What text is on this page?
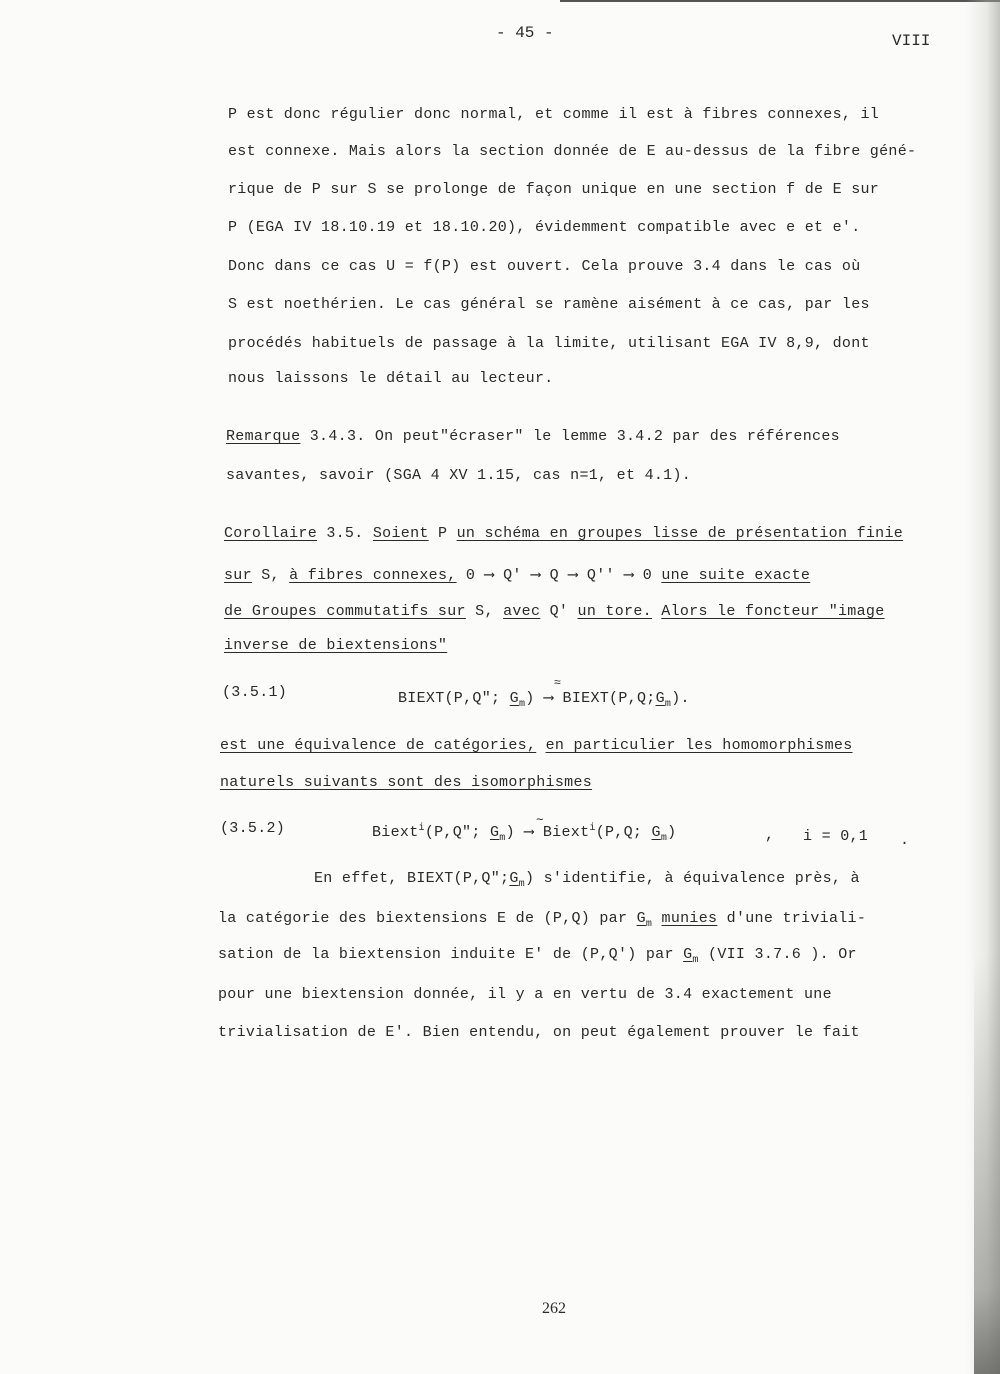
- 45 -	VIII
P est donc régulier donc normal, et comme il est à fibres connexes, il
est connexe. Mais alors la section donnée de E au-dessus de la fibre géné-
rique de P sur S se prolonge de façon unique en une section f de E sur
P (EGA IV 18.10.19 et 18.10.20), évidemment compatible avec e et e'.
Donc dans ce cas U = f(P) est ouvert. Cela prouve 3.4 dans le cas où
S est noethérien. Le cas général se ramène aisément à ce cas, par les
procédés habituels de passage à la limite, utilisant EGA IV 8,9, dont
nous laissons le détail au lecteur.
Remarque 3.4.3. On peut"écraser" le lemme 3.4.2 par des références
savantes, savoir (SGA 4 XV 1.15, cas n=1, et 4.1).
Corollaire 3.5. Soient P un schéma en groupes lisse de présentation finie
sur S, à fibres connexes, 0 ⟶ Q' ⟶ Q ⟶ Q'' ⟶ 0 une suite exacte
de Groupes commutatifs sur S, avec Q' un tore. Alors le foncteur "image
inverse de biextensions"
(3.5.1)	BIEXT(P,Q"; $G_m$)
≈
⟶ $BIEXT(P,Q;G_m)$.
est une équivalence de catégories, en particulier les homomorphismes
naturels suivants sont des isomorphismes
(3.5.2)	Biext$^i$(P,Q"; $G_m$)
∼
⟶ Biext$^i$(P,Q; $G_m$)	, i = 0,1 .
En effet, $BIEXT(P,Q";G_m)$ s'identifie, à équivalence près, à
la catégorie des biextensions E de (P,Q) par $G_m$ munies d'une triviali-
sation de la biextension induite E' de (P,Q') par $G_m$ (VII 3.7.6 ). Or
pour une biextension donnée, il y a en vertu de 3.4 exactement une
trivialisation de E'. Bien entendu, on peut également prouver le fait
262
